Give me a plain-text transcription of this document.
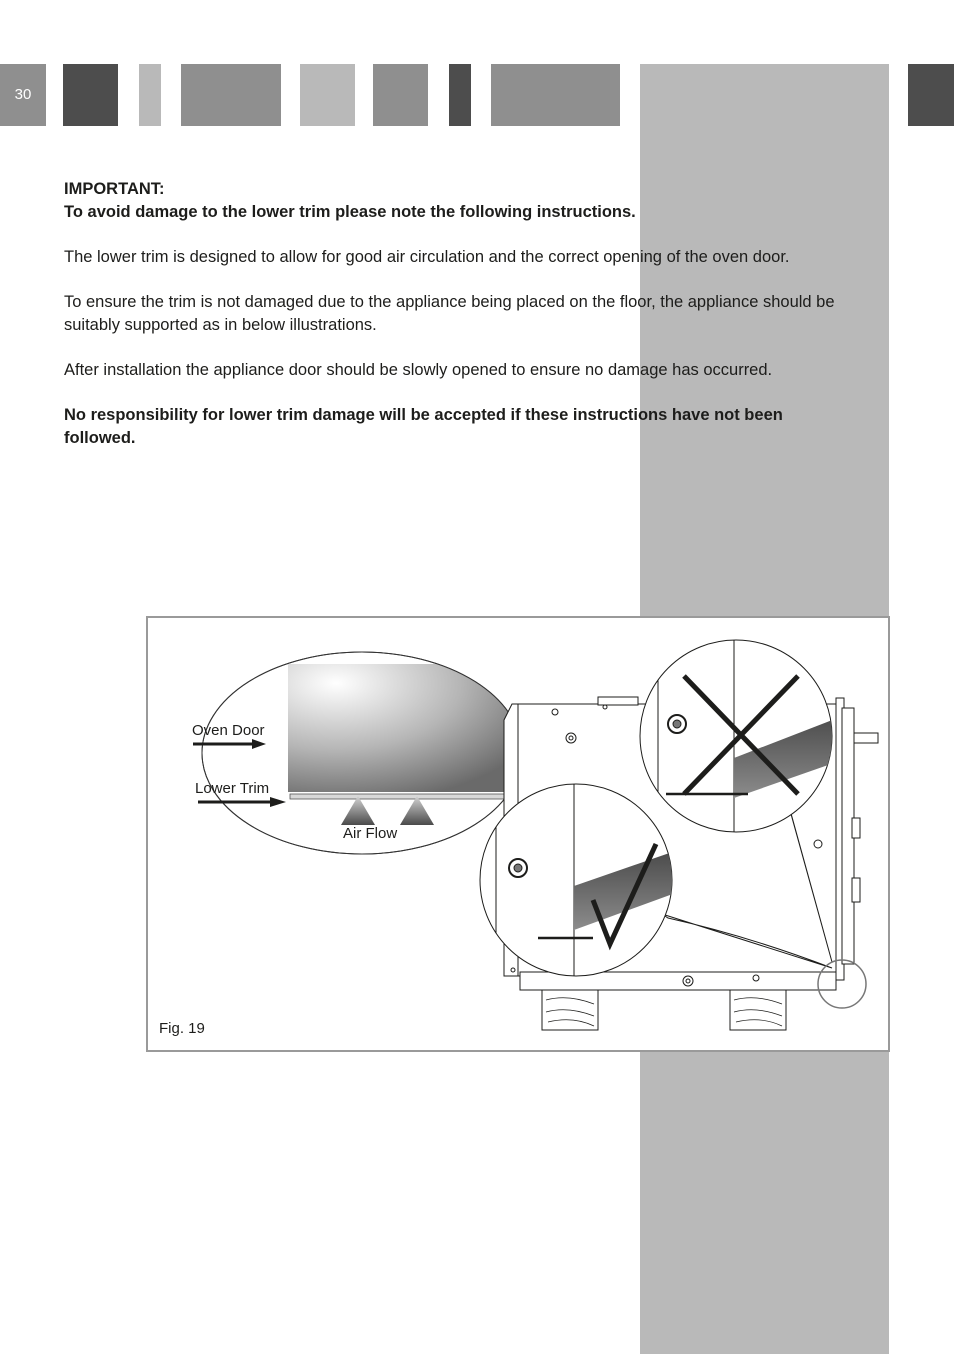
30

IMPORTANT:

To avoid damage to the lower trim please note the following instructions.

The lower trim is designed to allow for good air circulation and the correct opening of the oven door.

To ensure the trim is not damaged due to the appliance being placed on the floor, the appliance should be suitably supported as in below illustrations.

After installation the appliance door should be slowly opened to ensure no damage has occurred.

No responsibility for lower trim damage will be accepted if these instructions have not been followed.

Oven Door
Lower Trim
Air Flow
Fig. 19
